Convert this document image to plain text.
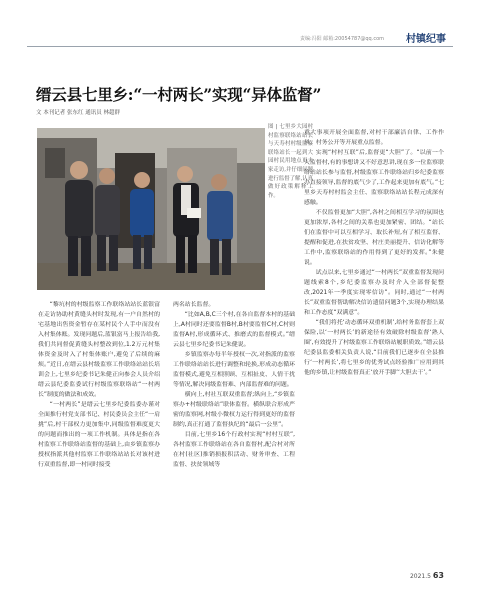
责编:冯阳 邮箱:20054787@qq.com 村镇纪事
缙云县七里乡:“一村两长”实现“异体监督”
文 本刊记者 张东红 通讯员 林超群
图 | 七里乡大园村村监察联络站站长与天寿村村级监察联络站长一起到大园村民用地点更夫家走访,并仔细问题进行监督了解,认真做好政策解释工作。

“黎坑村的村级监察工作联络站站长蓝银富在走访协助村黄缝头村时发现,有一户自然村的宅基地出售资金暂存在某村民个人手中而没有入村集体账。发现问题后,蓝银富马上报告给我,我们共同督促黄缝头村整改到位,1.2万元村集体资金及时入了村集体账户,避免了后续的麻烦。”近日,在缙云县村级监察工作联络站站长培训会上,七里乡纪委书记朱健正向参会人员介绍缙云县纪委监委试行村级监察联络站“一村两长”制度的做法和成效。

“一村两长”是缙云七里乡纪委监委办谨对全面推行村党支部书记、村民委员会主任“一肩挑”后,村干部权力更加集中,同级监督难度更大的问题而推出的一项工作机制。具体是指在各村监察工作联络站监督的基础上,由乡镇监察办授权指派其他村监察工作联络站站长对该村进行双重监督,即一村同时接受

两名站长监督。

“比如A,B,C三个村,在各自监督本村的基础上,A村同时还要监督B村,B村要监督C村,C村则监督A村,形成循环式、推磨式的监督模式。”缙云县七里乡纪委书记朱健说。

乡镇监察办每半年授权一次,对指派的监察工作联络站站长进行调整和轮换,形成动态循环监督模式,避免互相照顾、互相扯皮、人情干扰等情况,解决同级监督难、内部监督难的问题。

横向上,村社互联双重监督;纵向上,“乡镇监察办+村级联络站”联体监督。横纵联合形成严密的监察网,村级小微权力运行得到更好的监督制约,真正打通了监督执纪的“最后一公里”。

目前,七里乡16个行政村实现“村村互联”,各村监察工作联络站在各自监督村,配合村对所在村(社区)推销损报积活动、财务审查、工程监督、扶贫领域等

重大事项开展全面监督,对村干部廉洁自律、工作作风、村务公开等开展重点监督。

实现“村村互联”后,监督更“大胆”了。“以前一个人监督村,有的事想讲又不好意思讲,现在多一位监察联络站站长参与监督,村级监察工作联络站归乡纪委监察办直接领导,监督的底气少了,工作起来更加有底气。”七里乡天寿村村监会主任、监察联络站站长程元成深有感触。

不仅监督更加“大胆”,各村之间相互学习的氛围也更加浓厚,各村之间的关系也更加紧密、团结。“站长们在监督中可以互相学习、取长补短,有了相互监督、提醒和促进,在扶贫攻坚、村庄美丽提升、信访化解等工作中,监察联络站的作用得到了更好的发挥。”朱健说。

试点以来,七里乡通过“一村两长”双重监督发现问题线索8个,乡纪委监察办及时介入全部督促整改,2021年一季度实现零信访”。同时,通过“一村两长”双重监督帮助解决信访遗留问题3个,实现办理结果和工作态度“双满意”。

“我们将托‘动态循环双重机制’,给村务监督套上双保险,以‘一村两长’的新途径有效破除村级监督‘熟人圈’,有效提升了村级监察工作联络站履职质效。”缙云县纪委县监委相关负责人说,“目前我们已逐步在全县推行‘一村两长’,将七里乡的优秀试点经验推广应用到其他的乡镇,让村级监督真正‘放开手脚’‘大胆去干’。”

2021.5 63
